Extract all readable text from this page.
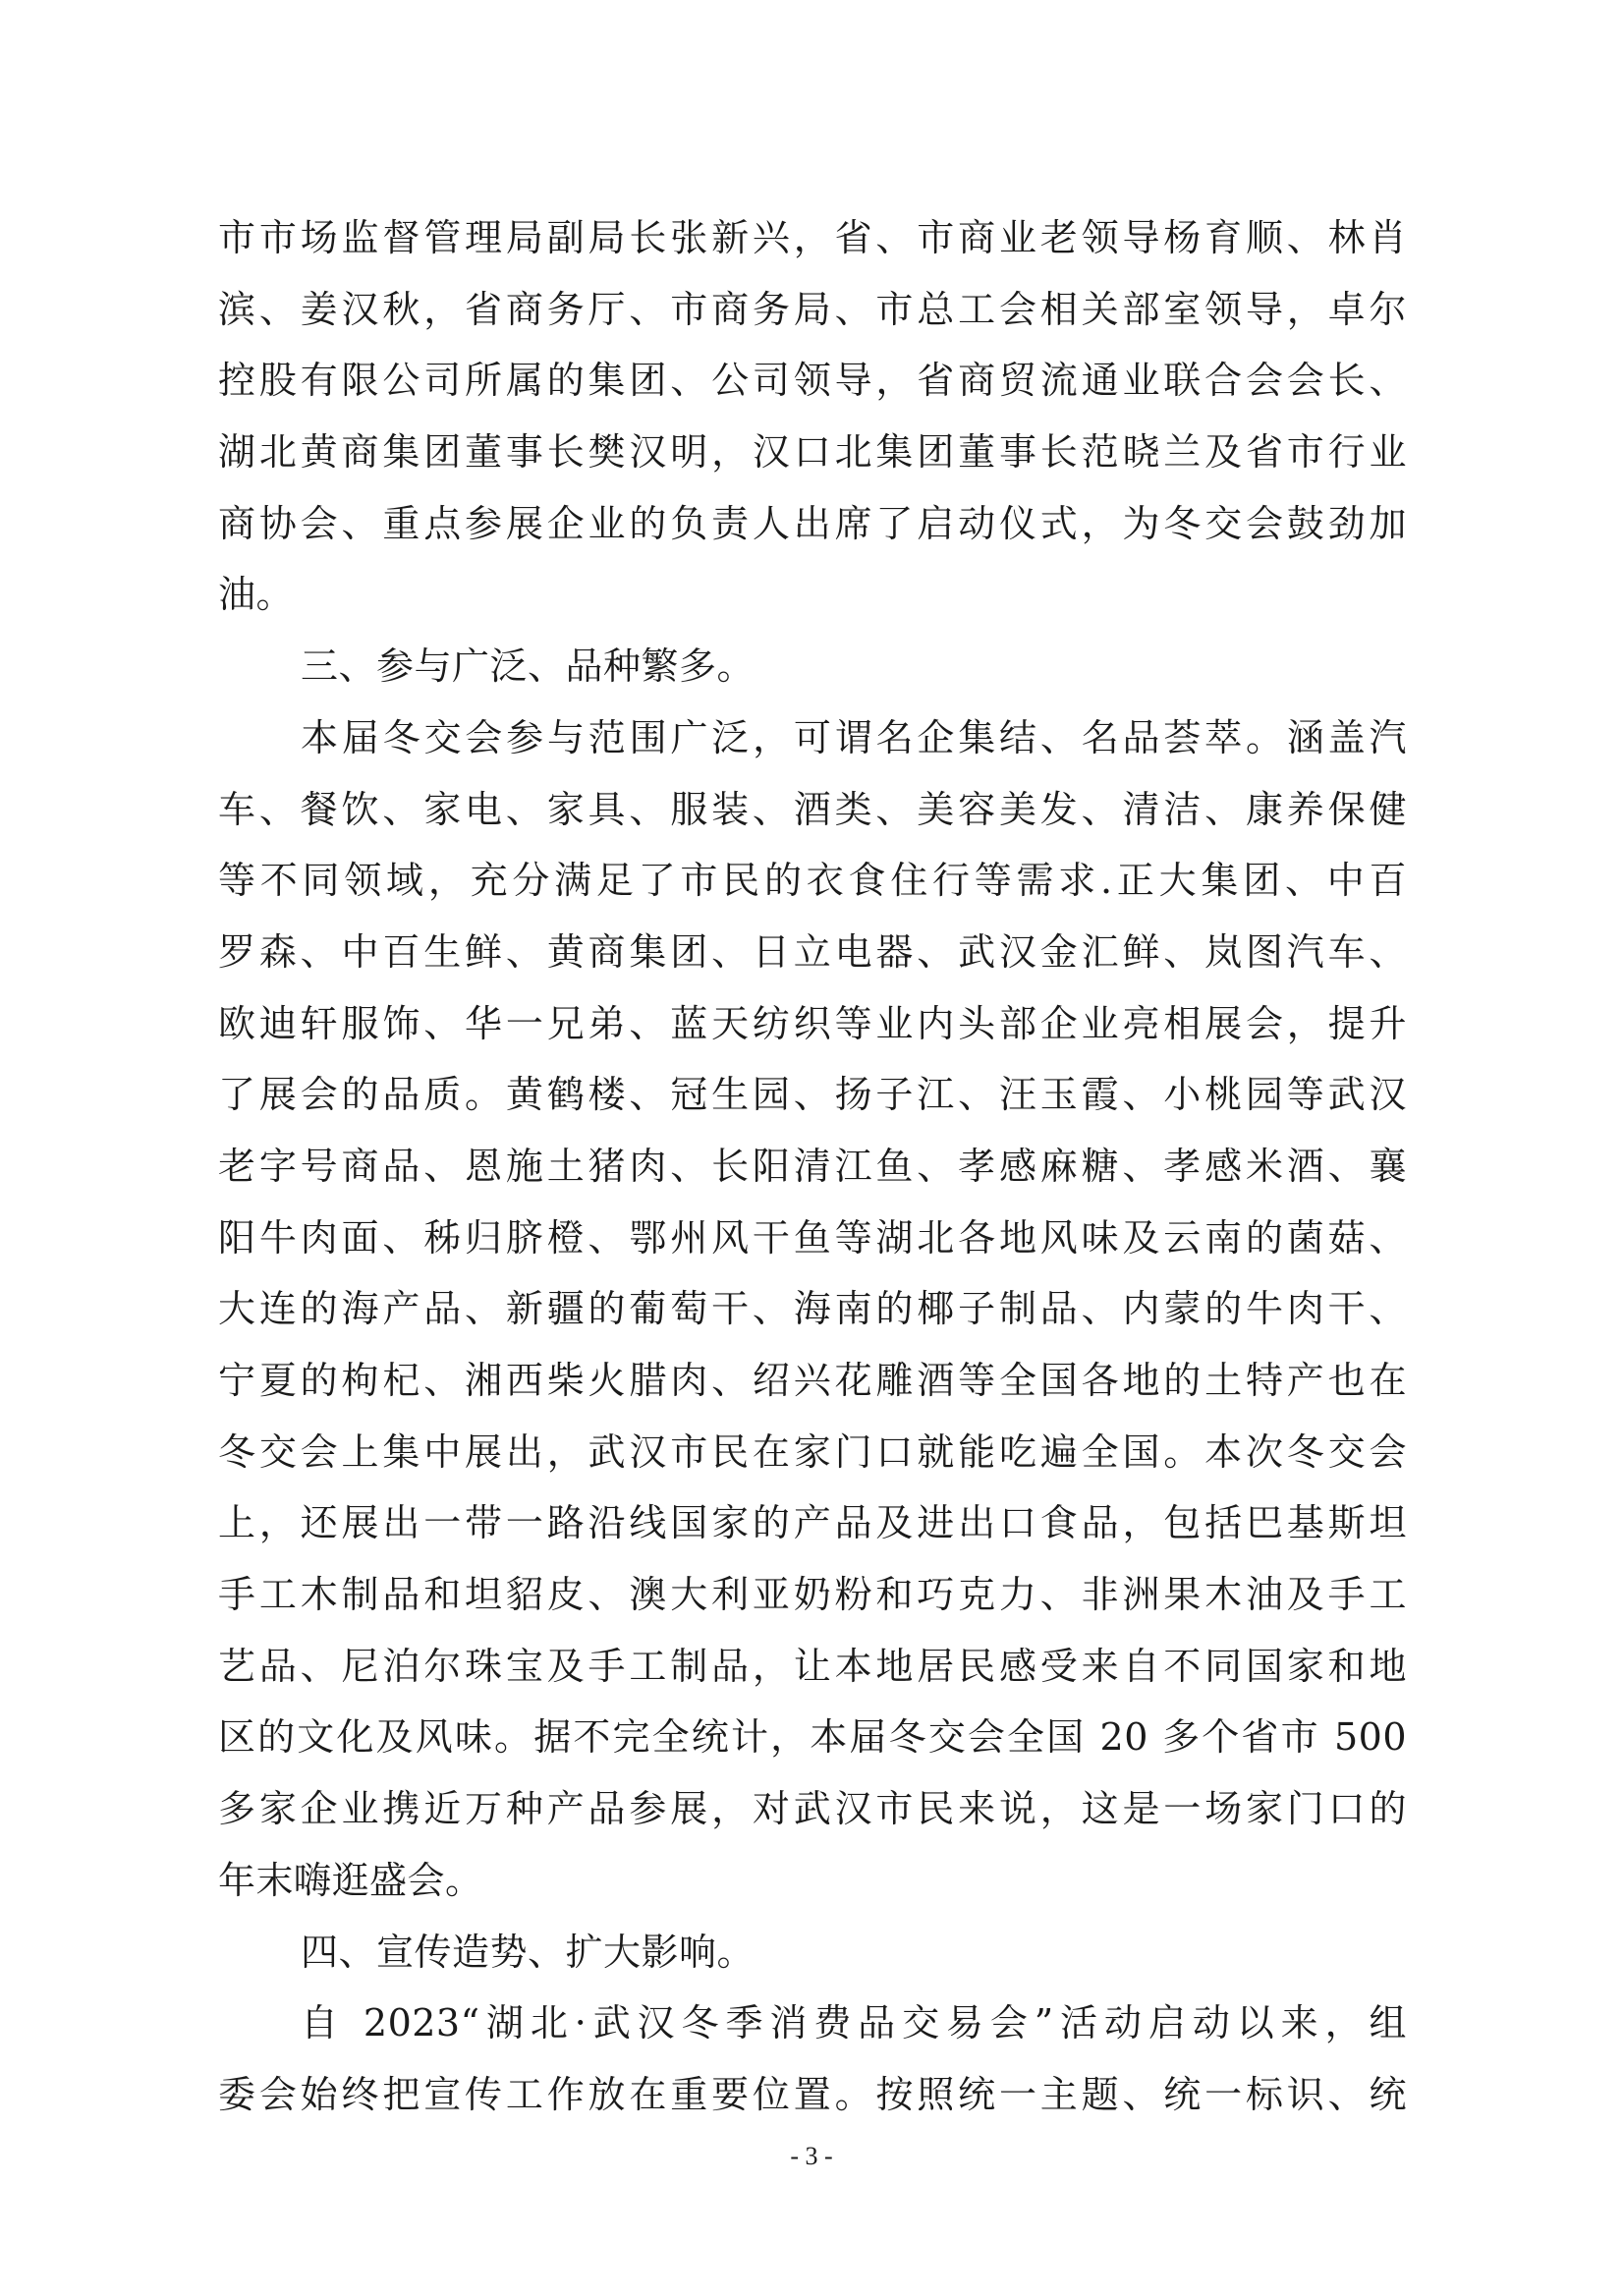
市市场监督管理局副局长张新兴，省、市商业老领导杨育顺、林肖
滨、姜汉秋，省商务厅、市商务局、市总工会相关部室领导，卓尔
控股有限公司所属的集团、公司领导，省商贸流通业联合会会长、
湖北黄商集团董事长樊汉明，汉口北集团董事长范晓兰及省市行业
商协会、重点参展企业的负责人出席了启动仪式，为冬交会鼓劲加
油。
三、参与广泛、品种繁多。
本届冬交会参与范围广泛，可谓名企集结、名品荟萃。涵盖汽
车、餐饮、家电、家具、服装、酒类、美容美发、清洁、康养保健
等不同领域，充分满足了市民的衣食住行等需求.正大集团、中百
罗森、中百生鲜、黄商集团、日立电器、武汉金汇鲜、岚图汽车、
欧迪轩服饰、华一兄弟、蓝天纺织等业内头部企业亮相展会，提升
了展会的品质。黄鹤楼、冠生园、扬子江、汪玉霞、小桃园等武汉
老字号商品、恩施土猪肉、长阳清江鱼、孝感麻糖、孝感米酒、襄
阳牛肉面、秭归脐橙、鄂州风干鱼等湖北各地风味及云南的菌菇、
大连的海产品、新疆的葡萄干、海南的椰子制品、内蒙的牛肉干、
宁夏的枸杞、湘西柴火腊肉、绍兴花雕酒等全国各地的土特产也在
冬交会上集中展出，武汉市民在家门口就能吃遍全国。本次冬交会
上，还展出一带一路沿线国家的产品及进出口食品，包括巴基斯坦
手工木制品和坦貂皮、澳大利亚奶粉和巧克力、非洲果木油及手工
艺品、尼泊尔珠宝及手工制品，让本地居民感受来自不同国家和地
区的文化及风味。据不完全统计，本届冬交会全国 20 多个省市 500
多家企业携近万种产品参展，对武汉市民来说，这是一场家门口的
年末嗨逛盛会。
四、宣传造势、扩大影响。
自 2023“湖北·武汉冬季消费品交易会”活动启动以来，组
委会始终把宣传工作放在重要位置。按照统一主题、统一标识、统
- 3 -
